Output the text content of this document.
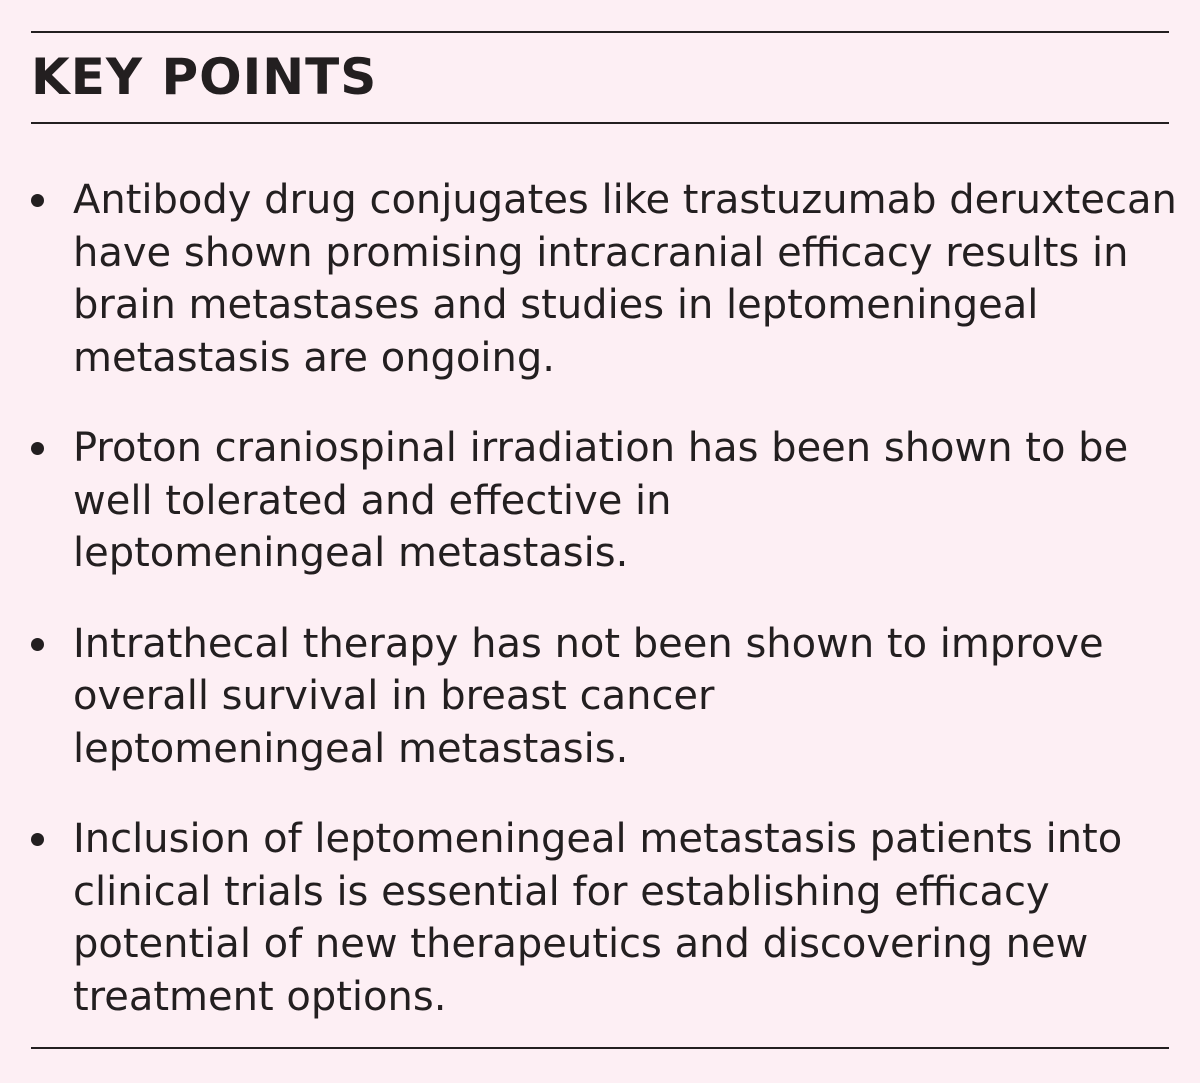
KEY POINTS
Antibody drug conjugates like trastuzumab deruxtecan
have shown promising intracranial efficacy results in
brain metastases and studies in leptomeningeal
metastasis are ongoing.
Proton craniospinal irradiation has been shown to be
well tolerated and effective in
leptomeningeal metastasis.
Intrathecal therapy has not been shown to improve
overall survival in breast cancer
leptomeningeal metastasis.
Inclusion of leptomeningeal metastasis patients into
clinical trials is essential for establishing efficacy
potential of new therapeutics and discovering new
treatment options.
